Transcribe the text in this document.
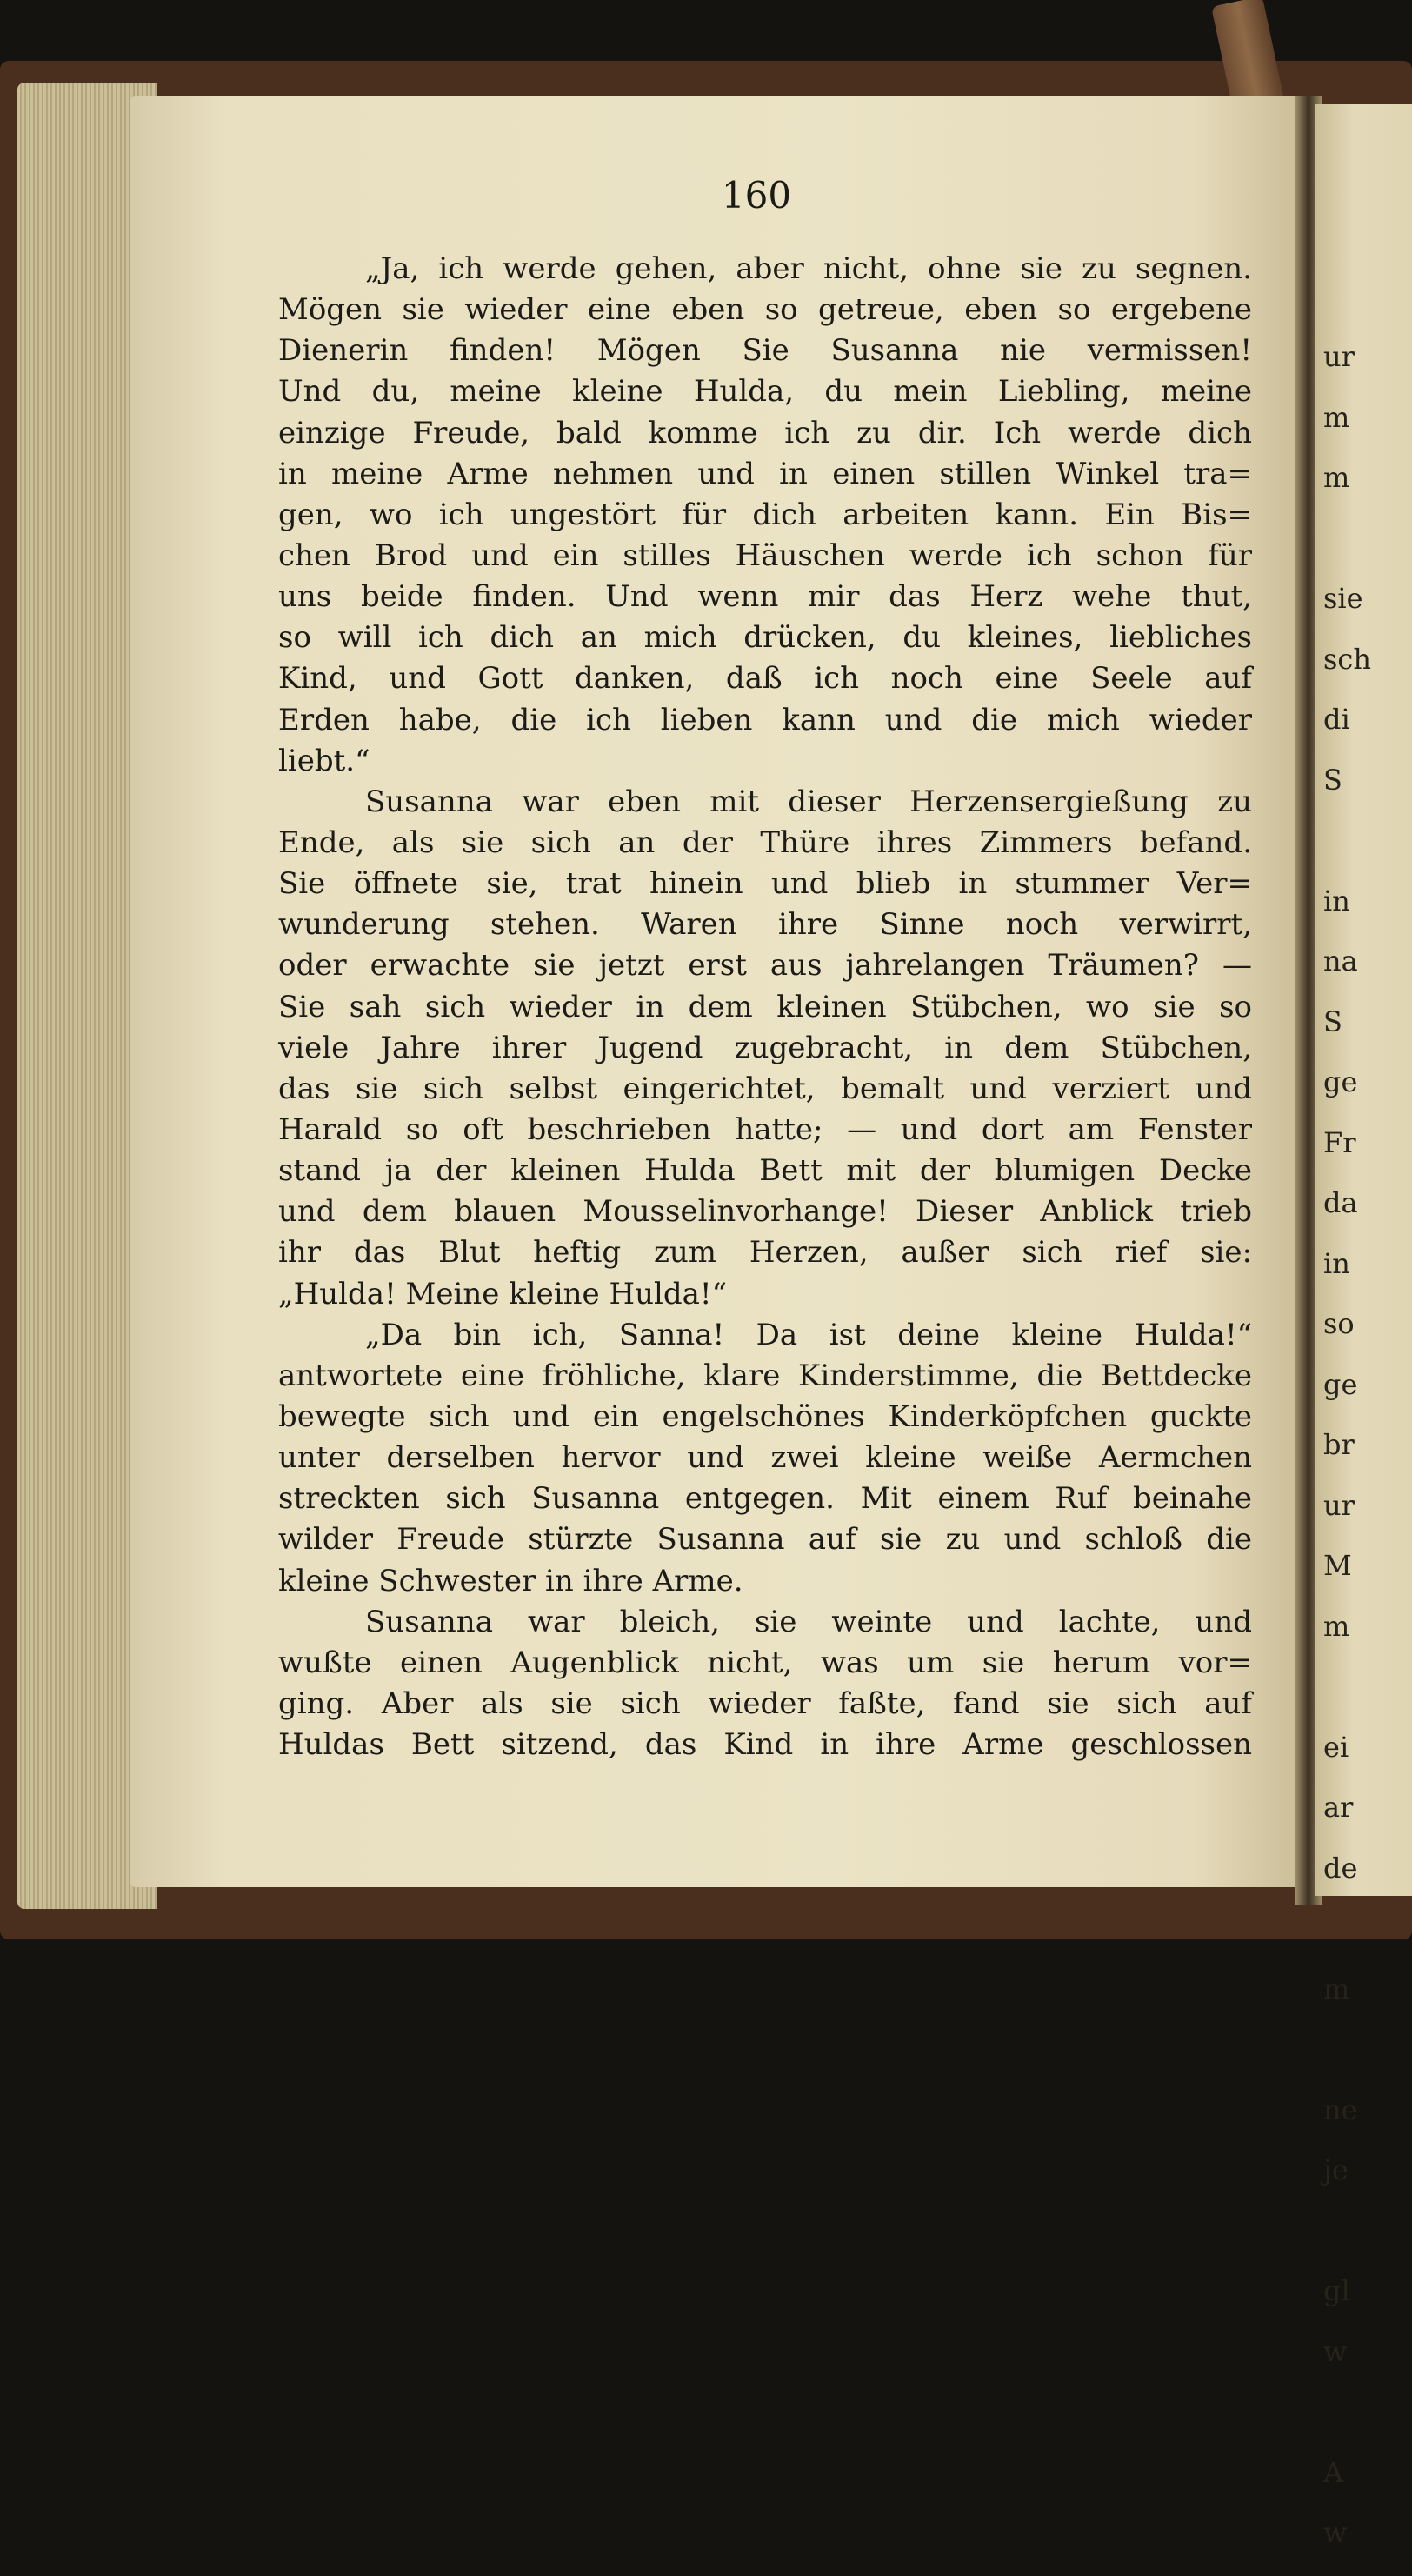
ur
m
m
sie
sch
di
S
in
na
S
ge
Fr
da
in
so
ge
br
ur
M
m
ei
ar
de
m
ne
je
gl
w
A
w
160
„Ja, ich werde gehen, aber nicht, ohne sie zu segnen.
Mögen sie wieder eine eben so getreue, eben so ergebene
Dienerin finden! Mögen Sie Susanna nie vermissen!
Und du, meine kleine Hulda, du mein Liebling, meine
einzige Freude, bald komme ich zu dir. Ich werde dich
in meine Arme nehmen und in einen stillen Winkel tra=
gen, wo ich ungestört für dich arbeiten kann. Ein Bis=
chen Brod und ein stilles Häuschen werde ich schon für
uns beide finden. Und wenn mir das Herz wehe thut,
so will ich dich an mich drücken, du kleines, liebliches
Kind, und Gott danken, daß ich noch eine Seele auf
Erden habe, die ich lieben kann und die mich wieder
liebt.“
Susanna war eben mit dieser Herzensergießung zu
Ende, als sie sich an der Thüre ihres Zimmers befand.
Sie öffnete sie, trat hinein und blieb in stummer Ver=
wunderung stehen. Waren ihre Sinne noch verwirrt,
oder erwachte sie jetzt erst aus jahrelangen Träumen? —
Sie sah sich wieder in dem kleinen Stübchen, wo sie so
viele Jahre ihrer Jugend zugebracht, in dem Stübchen,
das sie sich selbst eingerichtet, bemalt und verziert und
Harald so oft beschrieben hatte; — und dort am Fenster
stand ja der kleinen Hulda Bett mit der blumigen Decke
und dem blauen Mousselinvorhange! Dieser Anblick trieb
ihr das Blut heftig zum Herzen, außer sich rief sie:
„Hulda! Meine kleine Hulda!“
„Da bin ich, Sanna! Da ist deine kleine Hulda!“
antwortete eine fröhliche, klare Kinderstimme, die Bettdecke
bewegte sich und ein engelschönes Kinderköpfchen guckte
unter derselben hervor und zwei kleine weiße Aermchen
streckten sich Susanna entgegen. Mit einem Ruf beinahe
wilder Freude stürzte Susanna auf sie zu und schloß die
kleine Schwester in ihre Arme.
Susanna war bleich, sie weinte und lachte, und
wußte einen Augenblick nicht, was um sie herum vor=
ging. Aber als sie sich wieder faßte, fand sie sich auf
Huldas Bett sitzend, das Kind in ihre Arme geschlossen
